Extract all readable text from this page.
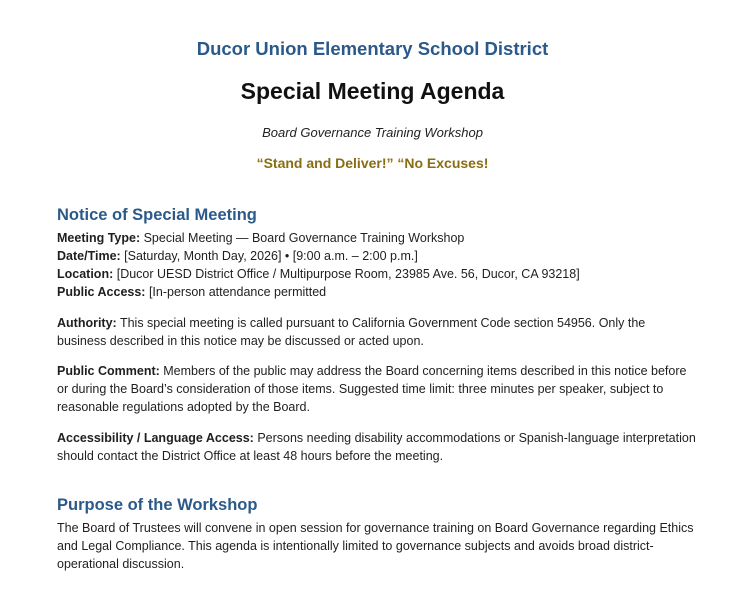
Ducor Union Elementary School District
Special Meeting Agenda
Board Governance Training Workshop
“Stand and Deliver!” “No Excuses!
Notice of Special Meeting
Meeting Type: Special Meeting — Board Governance Training Workshop
Date/Time: [Saturday, Month Day, 2026] • [9:00 a.m. – 2:00 p.m.]
Location: [Ducor UESD District Office / Multipurpose Room, 23985 Ave. 56, Ducor, CA 93218]
Public Access: [In-person attendance permitted
Authority: This special meeting is called pursuant to California Government Code section 54956. Only the business described in this notice may be discussed or acted upon.
Public Comment: Members of the public may address the Board concerning items described in this notice before or during the Board’s consideration of those items. Suggested time limit: three minutes per speaker, subject to reasonable regulations adopted by the Board.
Accessibility / Language Access: Persons needing disability accommodations or Spanish-language interpretation should contact the District Office at least 48 hours before the meeting.
Purpose of the Workshop
The Board of Trustees will convene in open session for governance training on Board Governance regarding Ethics and Legal Compliance. This agenda is intentionally limited to governance subjects and avoids broad district-operational discussion.
